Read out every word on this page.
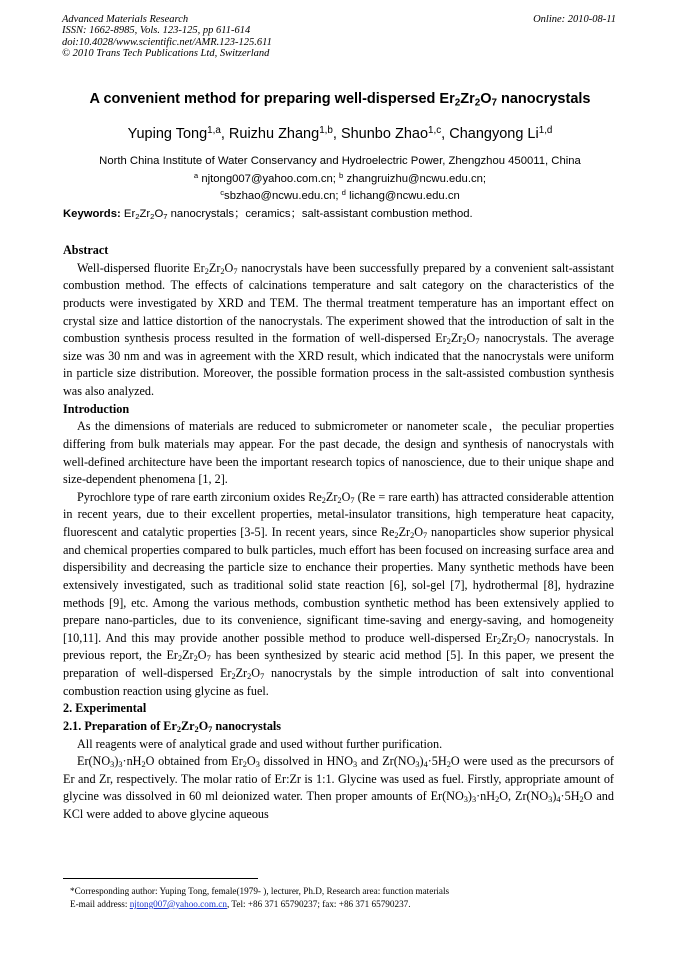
Advanced Materials Research
ISSN: 1662-8985, Vols. 123-125, pp 611-614
doi:10.4028/www.scientific.net/AMR.123-125.611
© 2010 Trans Tech Publications Ltd, Switzerland
Online: 2010-08-11
A convenient method for preparing well-dispersed $Er_2Zr_2O_7$ nanocrystals
Yuping Tong$^{1,a}$, Ruizhu Zhang$^{1,b}$, Shunbo Zhao$^{1,c}$, Changyong Li$^{1,d}$
North China Institute of Water Conservancy and Hydroelectric Power, Zhengzhou 450011, China
$^a$ njtong007@yahoo.com.cn; $^b$ zhangruizhu@ncwu.edu.cn;
$^c$sbzhao@ncwu.edu.cn; $^d$ lichang@ncwu.edu.cn
Keywords: $Er_2Zr_2O_7$ nanocrystals；ceramics；salt-assistant combustion method.
Abstract

Well-dispersed fluorite $Er_2Zr_2O_7$ nanocrystals have been successfully prepared by a convenient salt-assistant combustion method. The effects of calcinations temperature and salt category on the characteristics of the products were investigated by XRD and TEM. The thermal treatment temperature has an important effect on crystal size and lattice distortion of the nanocrystals. The experiment showed that the introduction of salt in the combustion synthesis process resulted in the formation of well-dispersed $Er_2Zr_2O_7$ nanocrystals. The average size was 30 nm and was in agreement with the XRD result, which indicated that the nanocrystals were uniform in particle size distribution. Moreover, the possible formation process in the salt-assisted combustion synthesis was also analyzed.

Introduction

As the dimensions of materials are reduced to submicrometer or nanometer scale，the peculiar properties differing from bulk materials may appear. For the past decade, the design and synthesis of nanocrystals with well-defined architecture have been the important research topics of nanoscience, due to their unique shape and size-dependent phenomena [1, 2].

Pyrochlore type of rare earth zirconium oxides $Re_2Zr_2O_7$ (Re = rare earth) has attracted considerable attention in recent years, due to their excellent properties, metal-insulator transitions, high temperature heat capacity, fluorescent and catalytic properties [3-5]. In recent years, since $Re_2Zr_2O_7$ nanoparticles show superior physical and chemical properties compared to bulk particles, much effort has been focused on increasing surface area and dispersibility and decreasing the particle size to enchance their properties. Many synthetic methods have been extensively investigated, such as traditional solid state reaction [6], sol-gel [7], hydrothermal [8], hydrazine methods [9], etc. Among the various methods, combustion synthetic method has been extensively applied to prepare nano-particles, due to its convenience, significant time-saving and energy-saving, and homogeneity [10,11]. And this may provide another possible method to produce well-dispersed $Er_2Zr_2O_7$ nanocrystals. In previous report, the $Er_2Zr_2O_7$ has been synthesized by stearic acid method [5]. In this paper, we present the preparation of well-dispersed $Er_2Zr_2O_7$ nanocrystals by the simple introduction of salt into conventional combustion reaction using glycine as fuel.

2. Experimental
2.1. Preparation of $Er_2Zr_2O_7$ nanocrystals

All reagents were of analytical grade and used without further purification.

$Er(NO_3)_3\cdot nH_2O$ obtained from $Er_2O_3$ dissolved in $HNO_3$ and $Zr(NO_3)_4\cdot 5H_2O$ were used as the precursors of Er and Zr, respectively. The molar ratio of Er:Zr is 1:1. Glycine was used as fuel. Firstly, appropriate amount of glycine was dissolved in 60 ml deionized water. Then proper amounts of $Er(NO_3)_3\cdot nH_2O$, $Zr(NO_3)_4\cdot 5H_2O$ and KCl were added to above glycine aqueous

*Corresponding author: Yuping Tong, female(1979- ), lecturer, Ph.D, Research area: function materials
E-mail address: njtong007@yahoo.com.cn, Tel: +86 371 65790237; fax: +86 371 65790237.
